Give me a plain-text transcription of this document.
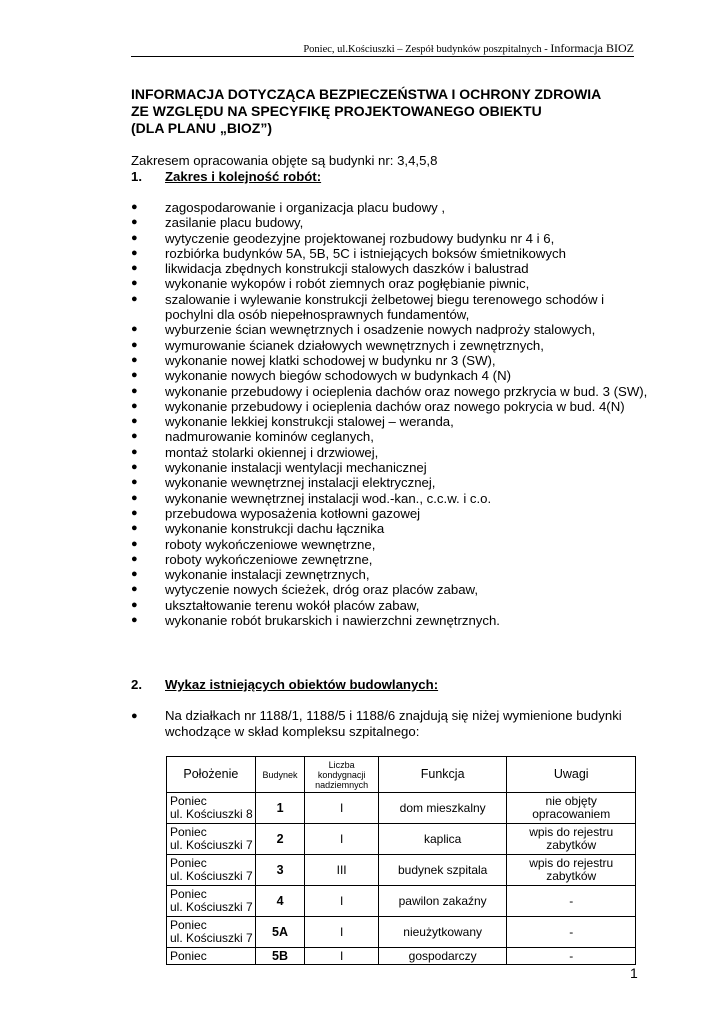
Poniec, ul.Kościuszki – Zespół budynków poszpitalnych - Informacja BIOZ
INFORMACJA DOTYCZĄCA BEZPIECZEŃSTWA I OCHRONY ZDROWIA
ZE WZGLĘDU NA SPECYFIKĘ PROJEKTOWANEGO OBIEKTU
(DLA PLANU „BIOZ”)
Zakresem opracowania objęte są budynki nr: 3,4,5,8
1. Zakres i kolejność robót:
● zagospodarowanie i organizacja placu budowy ,
● zasilanie placu budowy,
● wytyczenie geodezyjne projektowanej rozbudowy budynku nr 4 i 6,
● rozbiórka budynków 5A, 5B, 5C i istniejących boksów śmietnikowych
● likwidacja zbędnych konstrukcji stalowych daszków i balustrad
● wykonanie wykopów i robót ziemnych oraz pogłębianie piwnic,
● szalowanie i wylewanie konstrukcji żelbetowej biegu terenowego schodów i pochylni dla osób niepełnosprawnych fundamentów,
● wyburzenie ścian wewnętrznych i osadzenie nowych nadproży stalowych,
● wymurowanie ścianek działowych wewnętrznych i zewnętrznych,
● wykonanie nowej klatki schodowej w budynku nr 3 (SW),
● wykonanie nowych biegów schodowych w budynkach 4 (N)
● wykonanie przebudowy i ocieplenia dachów oraz nowego przkrycia w bud. 3 (SW),
● wykonanie przebudowy i ocieplenia dachów oraz nowego pokrycia w bud. 4(N)
● wykonanie lekkiej konstrukcji stalowej – weranda,
● nadmurowanie kominów ceglanych,
● montaż stolarki okiennej i drzwiowej,
● wykonanie instalacji wentylacji mechanicznej
● wykonanie wewnętrznej instalacji elektrycznej,
● wykonanie wewnętrznej instalacji wod.-kan., c.c.w. i c.o.
● przebudowa wyposażenia kotłowni gazowej
● wykonanie konstrukcji dachu łącznika
● roboty wykończeniowe wewnętrzne,
● roboty wykończeniowe zewnętrzne,
● wykonanie instalacji zewnętrznych,
● wytyczenie nowych ścieżek, dróg oraz placów zabaw,
● ukształtowanie terenu wokół placów zabaw,
● wykonanie robót brukarskich i nawierzchni zewnętrznych.
2. Wykaz istniejących obiektów budowlanych:
● Na działkach nr 1188/1, 1188/5 i 1188/6 znajdują się niżej wymienione budynki wchodzące w skład kompleksu szpitalnego:
Położenie	Budynek	Liczba kondygnacji nadziemnych	Funkcja	Uwagi

Poniec
ul. Kościuszki 8	1	I	dom mieszkalny	nie objęty opracowaniem

Poniec
ul. Kościuszki 7	2	I	kaplica	wpis do rejestru zabytków

Poniec
ul. Kościuszki 7	3	III	budynek szpitala	wpis do rejestru zabytków

Poniec
ul. Kościuszki 7	4	I	pawilon zakaźny	-

Poniec
ul. Kościuszki 7	5A	I	nieużytkowany	-

Poniec	5B	I	gospodarczy	-
1
